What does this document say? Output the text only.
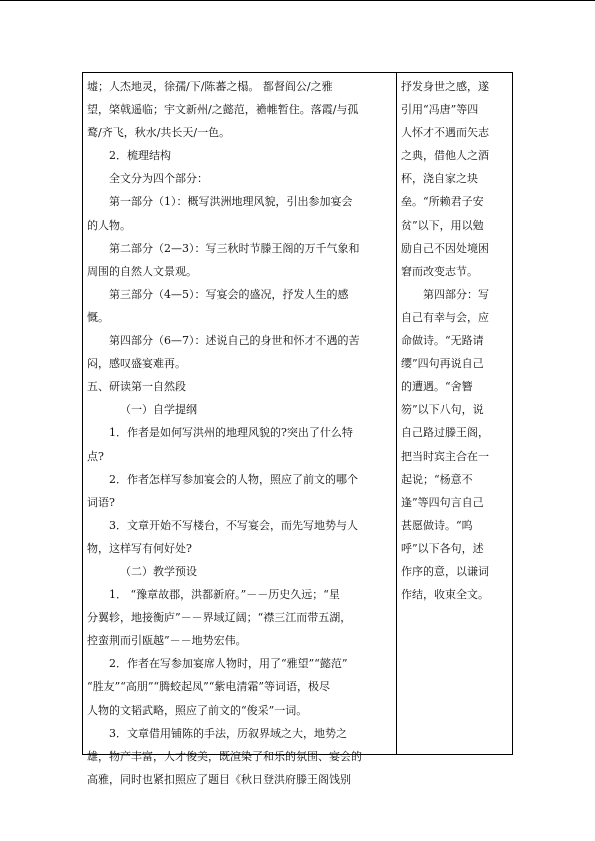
墟；人杰地灵，徐孺/下/陈蕃之榻。 都督阎公/之雅
望，棨戟遥临；宇文新州/之懿范，襜帷暂住。落霞/与孤
鹜/齐飞，秋水/共长天/一色。
2．梳理结构
全文分为四个部分：
第一部分（1）：概写洪洲地理风貌，引出参加宴会
的人物。
第二部分（2—3）：写三秋时节滕王阁的万千气象和
周围的自然人文景观。
第三部分（4—5）：写宴会的盛况，抒发人生的感
慨。
第四部分（6—7）：述说自己的身世和怀才不遇的苦
闷，感叹盛宴难再。
五、研读第一自然段
（一）自学提纲
1．作者是如何写洪州的地理风貌的?突出了什么特
点?
2．作者怎样写参加宴会的人物，照应了前文的哪个
词语?
3．文章开始不写楼台，不写宴会，而先写地势与人
物，这样写有何好处?
（二）教学预设
1． “豫章故郡，洪都新府。”－－历史久远；“星
分翼轸，地接衡庐”－－界域辽阔；“襟三江而带五湖，
控蛮荆而引瓯越”－－地势宏伟。
2．作者在写参加宴席人物时，用了“雅望”“懿范”
“胜友”“高朋”“腾蛟起凤”“紫电清霜”等词语，极尽
人物的文韬武略，照应了前文的“俊采”一词。
3．文章借用铺陈的手法，历叙界域之大，地势之
雄，物产丰富，人才俊美，既渲染了和乐的氛围、宴会的
高雅，同时也紧扣照应了题目《秋日登洪府滕王阁饯别
抒发身世之感，遂
引用“冯唐”等四
人怀才不遇而矢志
之典，借他人之酒
杯，浇自家之块
垒。“所赖君子安
贫”以下，用以勉
励自己不因处境困
窘而改变志节。
第四部分：写
自己有幸与会，应
命做诗。“无路请
缨”四句再说自己
的遭遇。“舍簪
笏”以下八句，说
自己路过滕王阁，
把当时宾主合在一
起说；“杨意不
逢”等四句言自己
甚愿做诗。“呜
呼”以下各句，述
作序的意，以谦词
作结，收束全文。
